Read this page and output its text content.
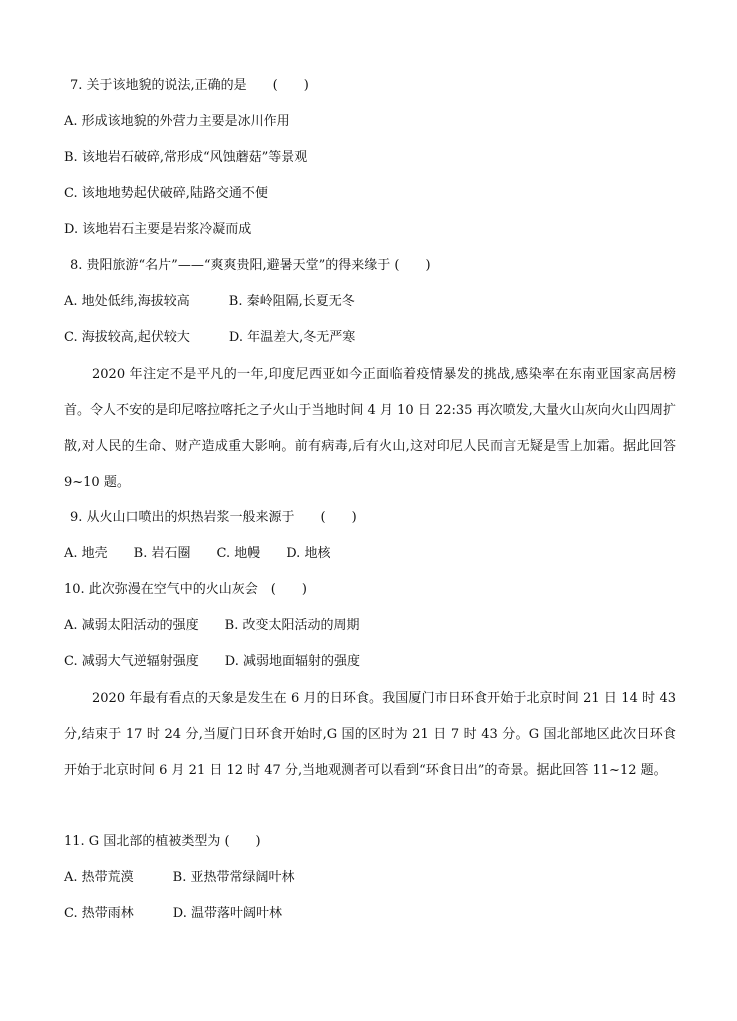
7. 关于该地貌的说法,正确的是　　(　　)
A. 形成该地貌的外营力主要是冰川作用
B. 该地岩石破碎,常形成“风蚀蘑菇”等景观
C. 该地地势起伏破碎,陆路交通不便
D. 该地岩石主要是岩浆冷凝而成
8. 贵阳旅游“名片”——“爽爽贵阳,避暑天堂”的得来缘于 (　　)
A. 地处低纬,海拔较高　　　B. 秦岭阻隔,长夏无冬
C. 海拔较高,起伏较大　　　D. 年温差大,冬无严寒

2020 年注定不是平凡的一年,印度尼西亚如今正面临着疫情暴发的挑战,感染率在东南亚国家高居榜首。令人不安的是印尼喀拉喀托之子火山于当地时间 4 月 10 日 22:35 再次喷发,大量火山灰向火山四周扩散,对人民的生命、财产造成重大影响。前有病毒,后有火山,这对印尼人民而言无疑是雪上加霜。据此回答 9~10 题。

9. 从火山口喷出的炽热岩浆一般来源于　　(　　)
A. 地壳　　B. 岩石圈　　C. 地幔　　D. 地核
10. 此次弥漫在空气中的火山灰会　(　　)
A. 减弱太阳活动的强度　　B. 改变太阳活动的周期
C. 减弱大气逆辐射强度　　D. 减弱地面辐射的强度

2020 年最有看点的天象是发生在 6 月的日环食。我国厦门市日环食开始于北京时间 21 日 14 时 43 分,结束于 17 时 24 分,当厦门日环食开始时,G 国的区时为 21 日 7 时 43 分。G 国北部地区此次日环食开始于北京时间 6 月 21 日 12 时 47 分,当地观测者可以看到“环食日出”的奇景。据此回答 11~12 题。

11. G 国北部的植被类型为 (　　)
A. 热带荒漠　　　B. 亚热带常绿阔叶林
C. 热带雨林　　　D. 温带落叶阔叶林
